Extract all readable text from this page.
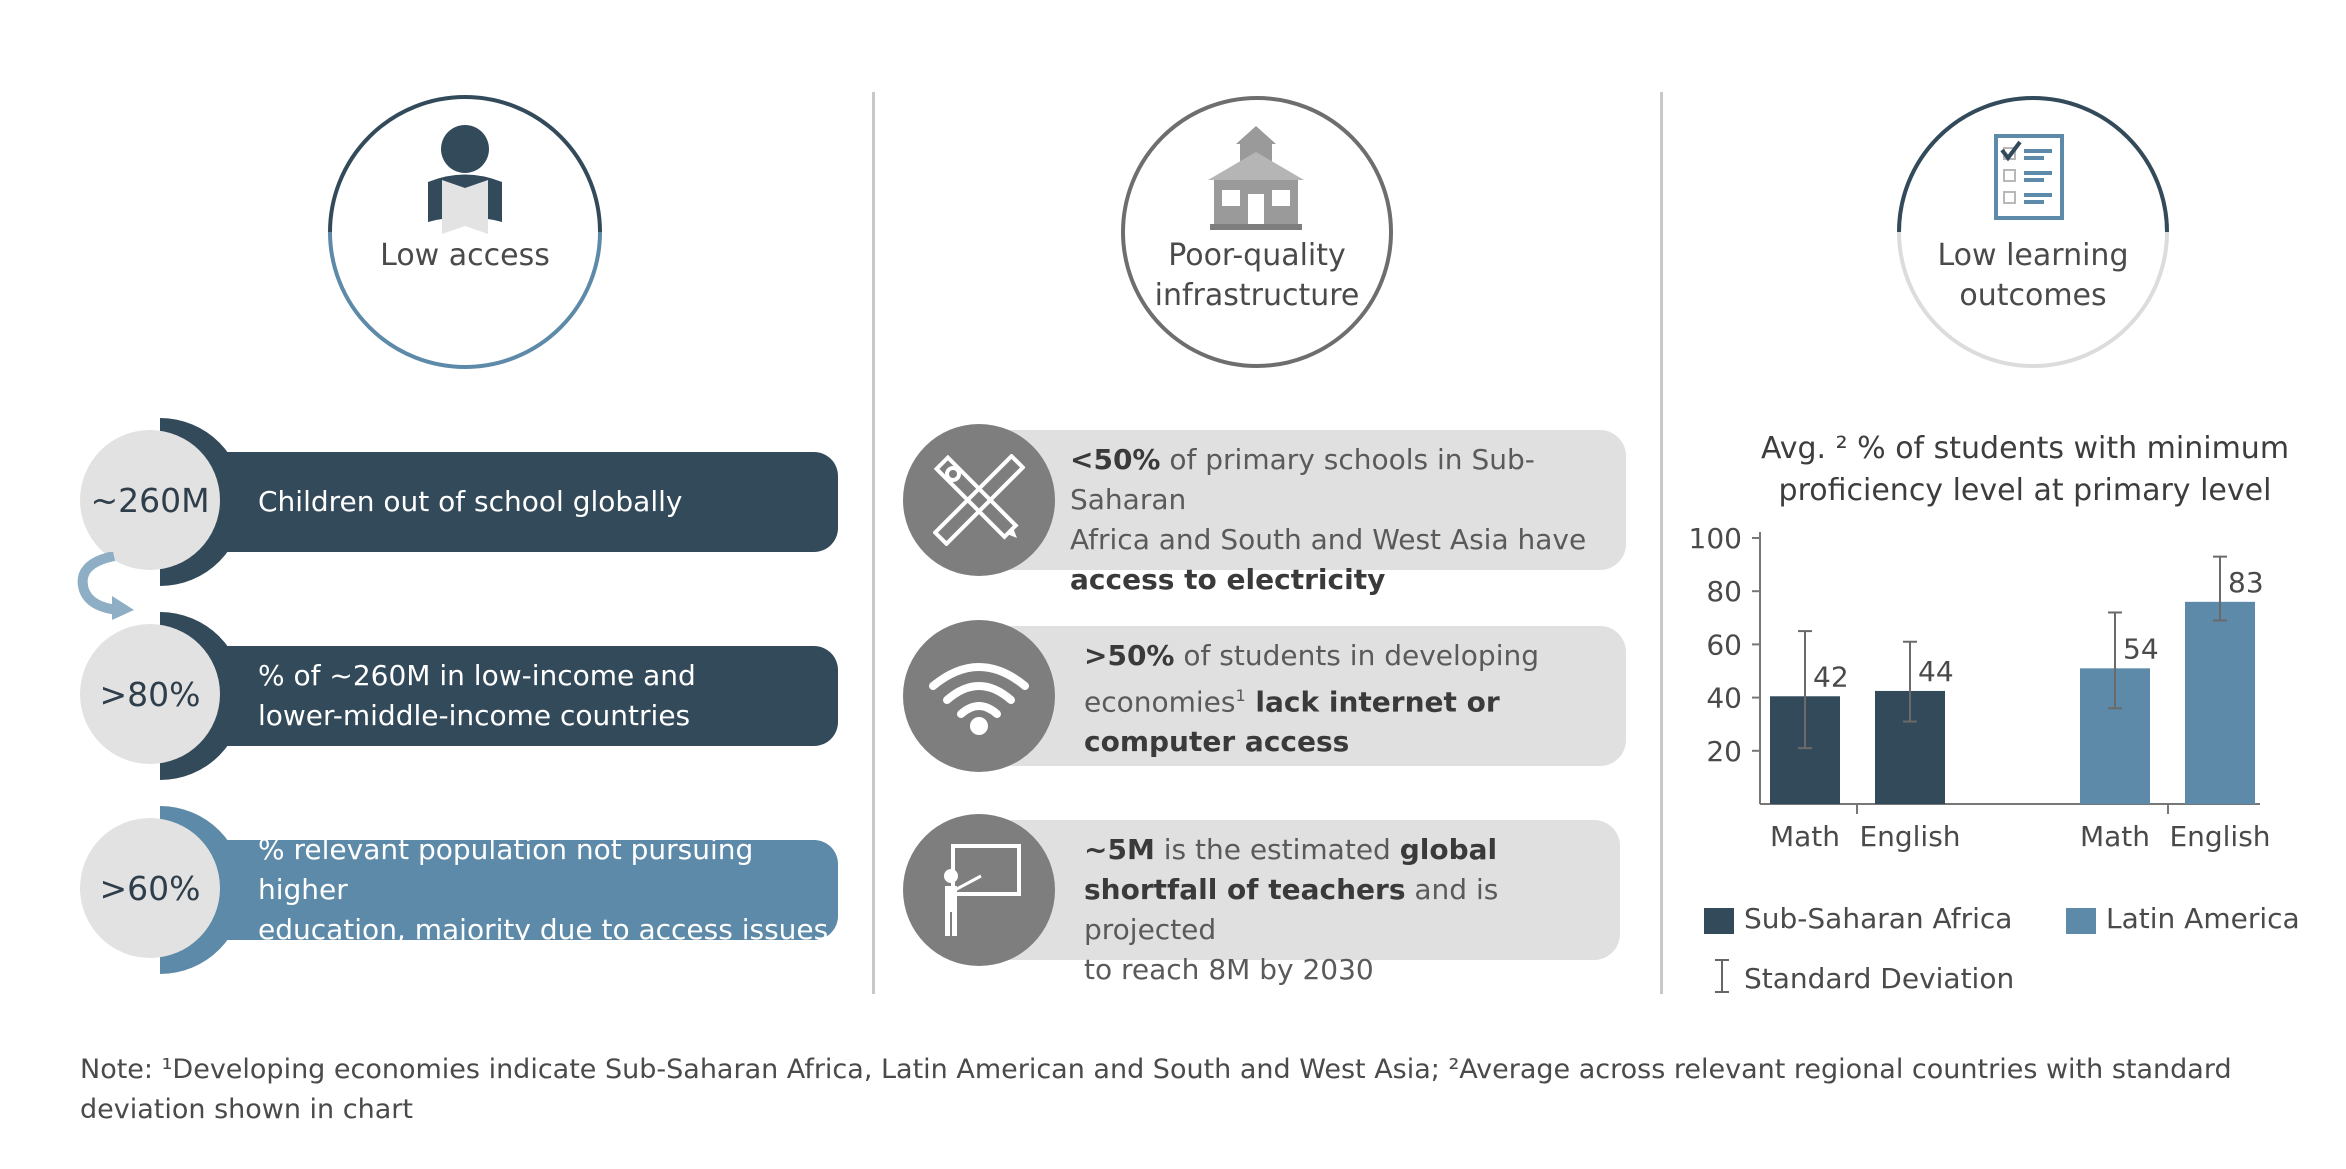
Low access
Children out of school globally
~260M
% of ~260M in low-income and
lower-middle-income countries
>80%
% relevant population not pursuing higher
education, majority due to access issues
>60%
Poor-quality
infrastructure
<50% of primary schools in Sub-Saharan
Africa and South and West Asia have
access to electricity
>50% of students in developing
economies$^1$ lack internet or
computer access
~5M is the estimated global
shortfall of teachers and is projected
to reach 8M by 2030
Low learning
outcomes
Avg. ² % of students with minimum
proficiency level at primary level
100
80
60
40
20
42
Math
44
English
54
Math
83
English
Sub-Saharan Africa	Latin America
Standard Deviation
Note: ¹Developing economies indicate Sub-Saharan Africa, Latin American and South and West Asia; ²Average across relevant regional countries with standard deviation shown in chart
